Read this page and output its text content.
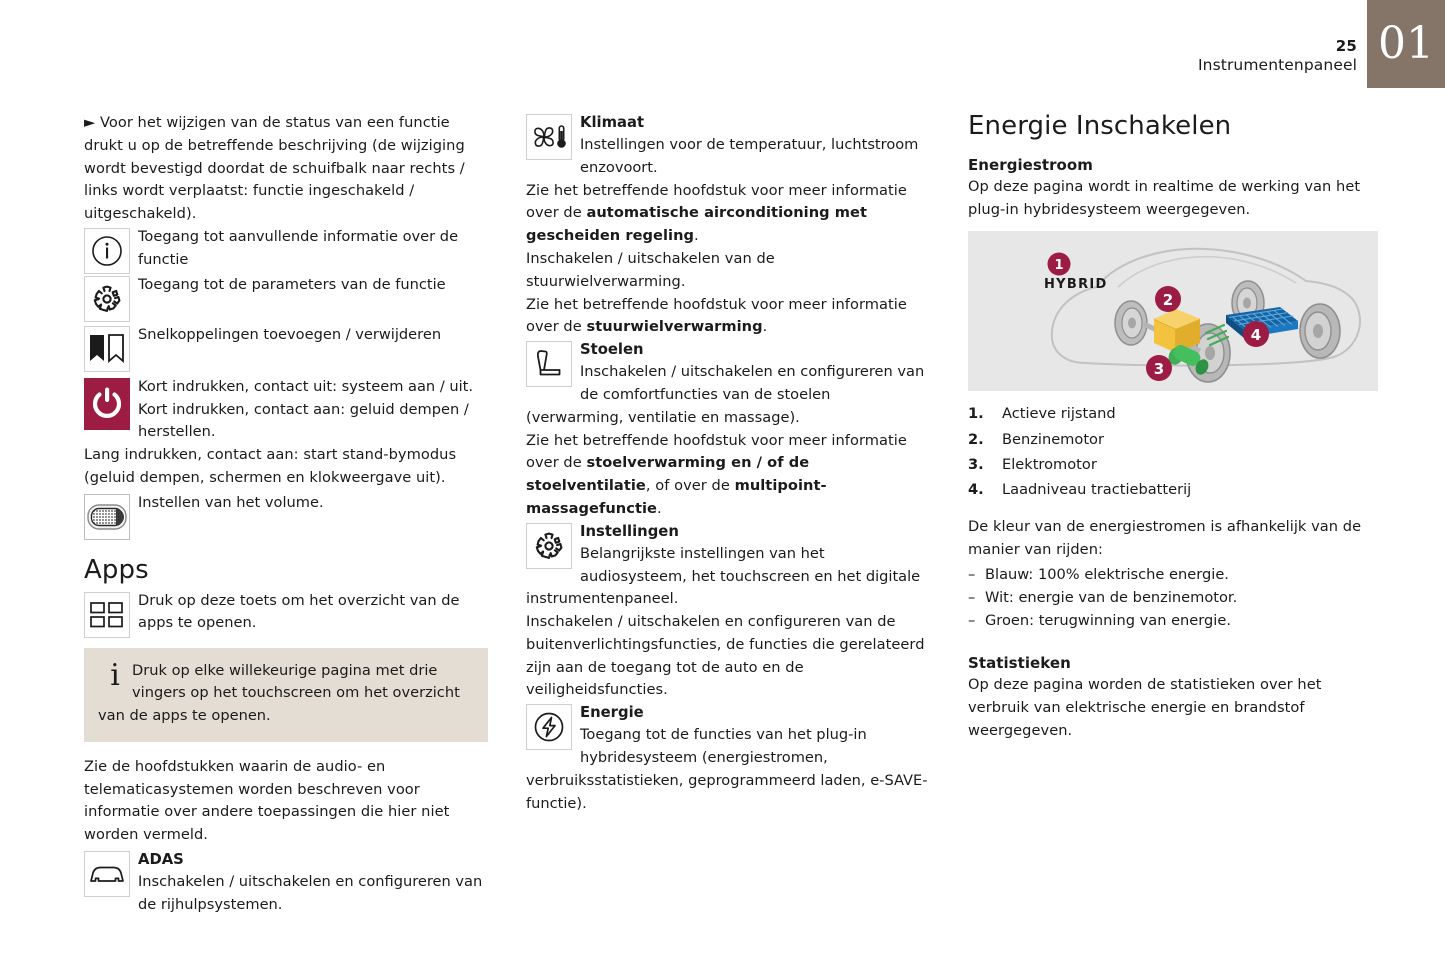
25
Instrumentenpaneel 01

► Voor het wijzigen van de status van een functie drukt u op de betreffende beschrijving (de wijziging wordt bevestigd doordat de schuifbalk naar rechts / links wordt verplaatst: functie ingeschakeld / uitgeschakeld).

Toegang tot aanvullende informatie over de functie
Toegang tot de parameters van de functie
Snelkoppelingen toevoegen / verwijderen
Kort indrukken, contact uit: systeem aan / uit.
Kort indrukken, contact aan: geluid dempen / herstellen.

Lang indrukken, contact aan: start stand-bymodus (geluid dempen, schermen en klokweergave uit).

Instellen van het volume.
Apps
Druk op deze toets om het overzicht van de apps te openen.
i Druk op elke willekeurige pagina met drie vingers op het touchscreen om het overzicht van de apps te openen.

Zie de hoofdstukken waarin de audio- en telematicasystemen worden beschreven voor informatie over andere toepassingen die hier niet worden vermeld.

ADAS
Inschakelen / uitschakelen en configureren van de rijhulpsystemen.
Klimaat
Instellingen voor de temperatuur, luchtstroom enzovoort.

Zie het betreffende hoofdstuk voor meer informatie over de automatische airconditioning met gescheiden regeling.

Inschakelen / uitschakelen van de stuurwielverwarming.

Zie het betreffende hoofdstuk voor meer informatie over de stuurwielverwarming.

Stoelen
Inschakelen / uitschakelen en configureren van de comfortfuncties van de stoelen (verwarming, ventilatie en massage).

Zie het betreffende hoofdstuk voor meer informatie over de stoelverwarming en / of de stoelventilatie, of over de multipoint-massagefunctie.

Instellingen
Belangrijkste instellingen van het audiosysteem, het touchscreen en het digitale instrumentenpaneel.

Inschakelen / uitschakelen en configureren van de buitenverlichtingsfuncties, de functies die gerelateerd zijn aan de toegang tot de auto en de veiligheidsfuncties.

Energie
Toegang tot de functies van het plug-in hybridesysteem (energiestromen, verbruiksstatistieken, geprogrammeerd laden, e-SAVE-functie).
Energie Inschakelen
Energiestroom

Op deze pagina wordt in realtime de werking van het plug-in hybridesysteem weergegeven.

HYBRID
1
2
3
4
1.	Actieve rijstand
2.	Benzinemotor
3.	Elektromotor
4.	Laadniveau tractiebatterij

De kleur van de energiestromen is afhankelijk van de manier van rijden:

– Blauw: 100% elektrische energie.
– Wit: energie van de benzinemotor.
– Groen: terugwinning van energie.
Statistieken

Op deze pagina worden de statistieken over het verbruik van elektrische energie en brandstof weergegeven.
